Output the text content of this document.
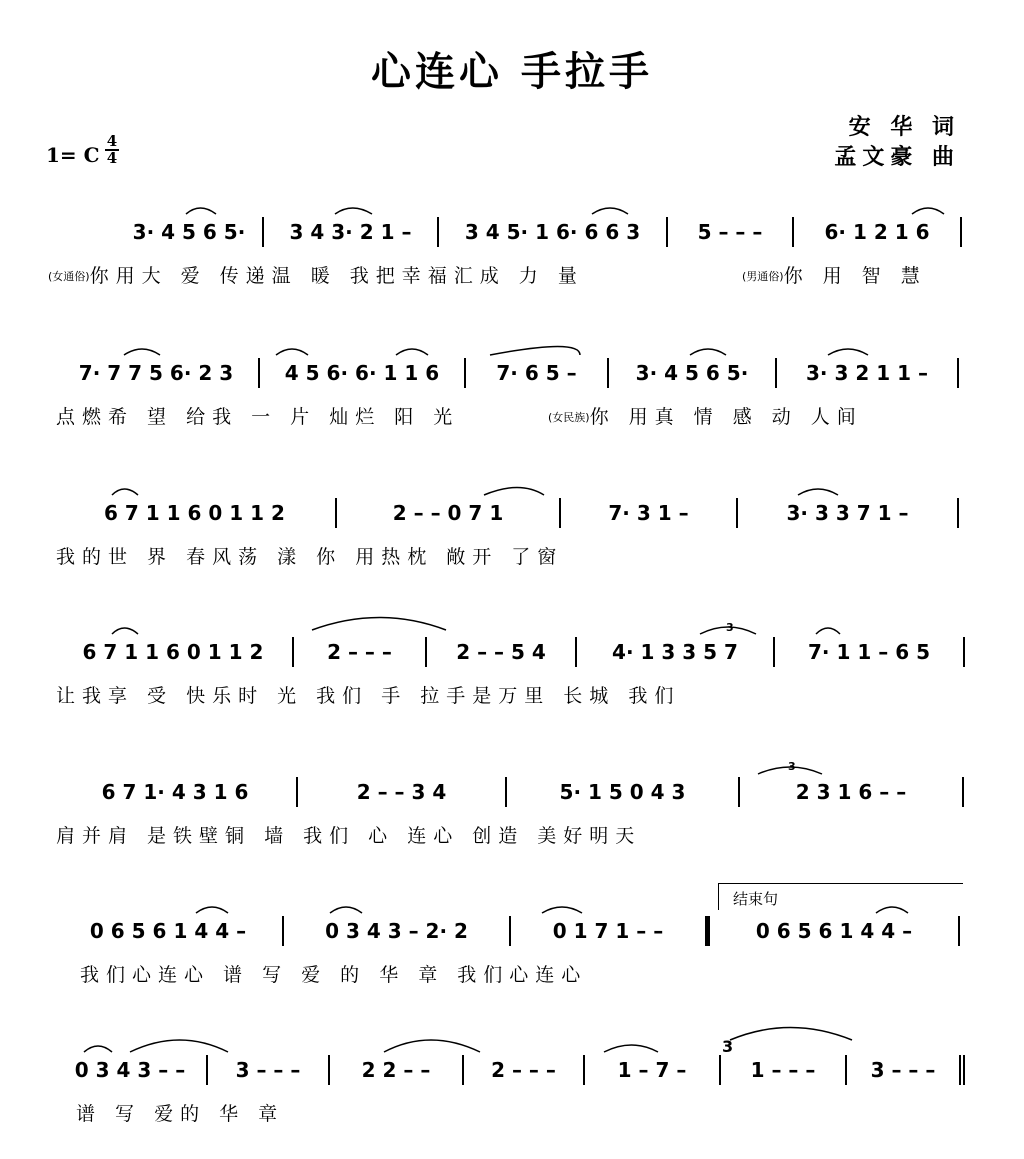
心连心 手拉手
安 华 词
孟文豪 曲
1= C
4
4
3· 4 5 6 5·	3 4 3· 2 1 –	3 4 5· 1 6· 6 6 3	5 – – –	6· 1 2 1 6
(女通俗)你用大 爱 传递温 暖 我把幸福汇成 力 量	(男通俗)你 用 智 慧
7· 7 7 5 6· 2 3	4 5 6· 6· 1 1 6	7· 6 5 –	3· 4 5 6 5·	3· 3 2 1 1 –
点燃希 望 给我 一 片 灿烂 阳 光	(女民族)你 用真 情 感 动 人间
6 7 1 1 6 0 1 1 2	2 – – 0 7 1	7· 3 1 –	3· 3 3 7 1 –
我的世 界 春风荡 漾 你 用热枕 敞开 了窗
6 7 1 1 6 0 1 1 2	2 – – –	2 – – 5 4	4· 1 3 3 5 7	7· 1 1 – 6 5
让我享 受 快乐时 光 我们 手 拉手是万里 长城 我们
6 7 1· 4 3 1 6	2 – – 3 4	5· 1 5 0 4 3	2 3 1 6 – –
肩并肩 是铁壁铜 墙 我们 心 连心 创造 美好明天
结束句
0 6 5 6 1 4 4 –	0 3 4 3 – 2· 2	0 1 7 1 – –	0 6 5 6 1 4 4 –
我们心连心 谱 写 爱 的 华 章 我们心连心
0 3 4 3 – –	3 – – –	2 2 – –	2 – – –	1 – 7 –	1 – – –	3 – – –
谱 写 爱的 华 章
3
3
3
